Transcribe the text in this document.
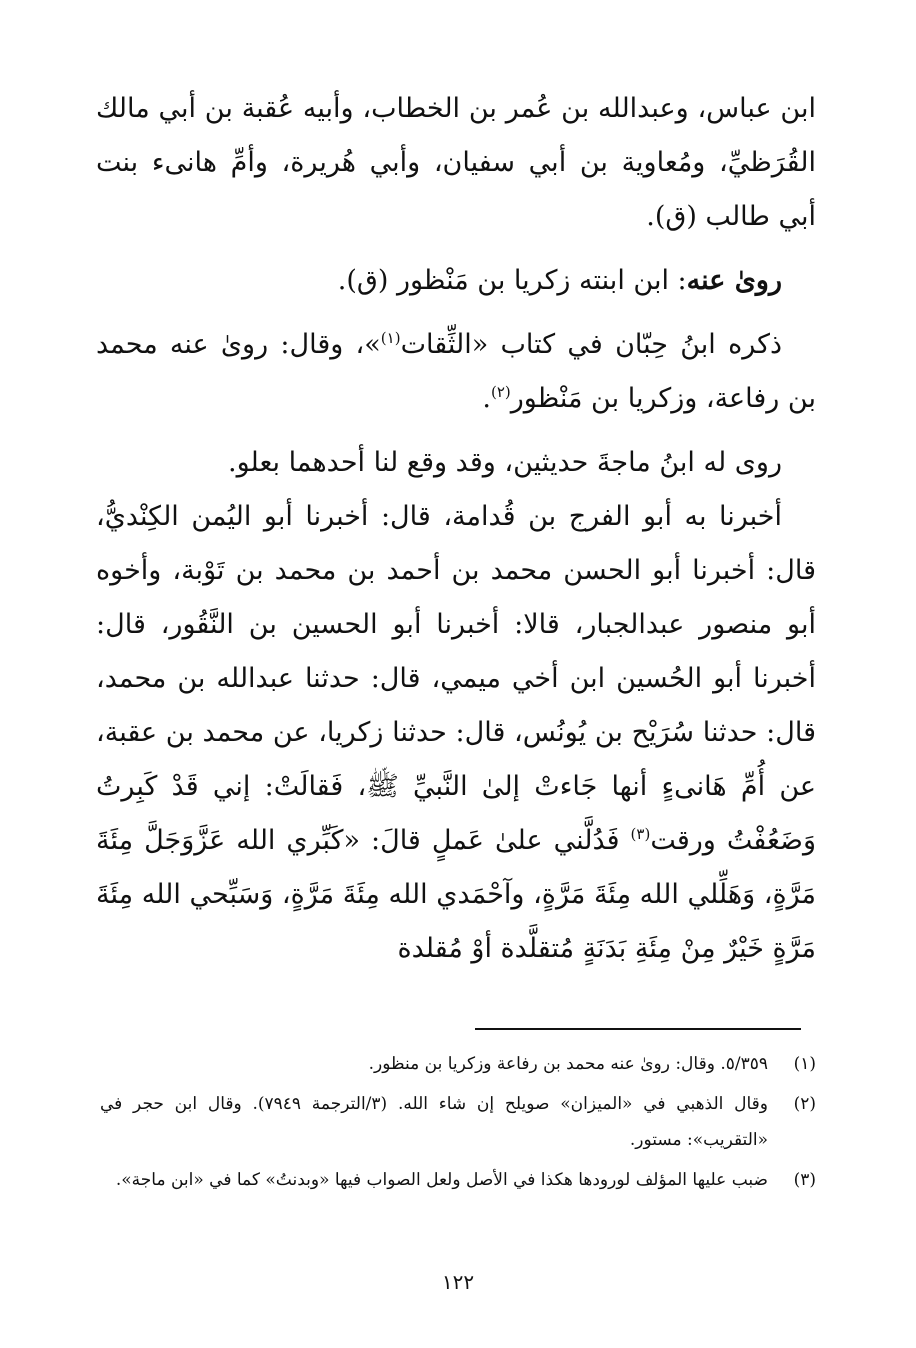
ابن عباس، وعبدالله بن عُمر بن الخطاب، وأبيه عُقبة بن أبي مالك القُرَظيِّ، ومُعاوية بن أبي سفيان، وأبي هُريرة، وأمِّ هانىء بنت أبي طالب (ق).

روىٰ عنه: ابن ابنته زكريا بن مَنْظور (ق).

ذكره ابنُ حِبّان في كتاب «الثِّقات$^{(١)}$»، وقال: روىٰ عنه محمد بن رفاعة، وزكريا بن مَنْظور$^{(٢)}$.

روى له ابنُ ماجةَ حديثين، وقد وقع لنا أحدهما بعلو.

أخبرنا به أبو الفرج بن قُدامة، قال: أخبرنا أبو اليُمن الكِنْديُّ، قال: أخبرنا أبو الحسن محمد بن أحمد بن محمد بن تَوْبة، وأخوه أبو منصور عبدالجبار، قالا: أخبرنا أبو الحسين بن النَّقُور، قال: أخبرنا أبو الحُسين ابن أخي ميمي، قال: حدثنا عبدالله بن محمد، قال: حدثنا سُرَيْح بن يُونُس، قال: حدثنا زكريا، عن محمد بن عقبة، عن أُمِّ هَانىءٍ أنها جَاءتْ إلىٰ النَّبيِّ ﷺ، فَقالَتْ: إني قَدْ كَبِرتُ وَضَعُفْتُ ورقت$^{(٣)}$ فَدُلَّني علىٰ عَملٍ قالَ: «كَبِّري الله عَزَّوَجَلَّ مِئَةَ مَرَّةٍ، وَهَلِّلي الله مِئَةَ مَرَّةٍ، وآحْمَدي الله مِئَةَ مَرَّةٍ، وَسَبِّحي الله مِئَةَ مَرَّةٍ خَيْرٌ مِنْ مِئَةِ بَدَنَةٍ مُتقلَّدة أوْ مُقلدة

(١)
٥/٣٥٩. وقال: روىٰ عنه محمد بن رفاعة وزكريا بن منظور.
(٢)
وقال الذهبي في «الميزان» صويلح إن شاء الله. (٣/الترجمة ٧٩٤٩). وقال ابن حجر في «التقريب»: مستور.
(٣)
ضبب عليها المؤلف لورودها هكذا في الأصل ولعل الصواب فيها «وبدنتُ» كما في «ابن ماجة».
١٢٢
